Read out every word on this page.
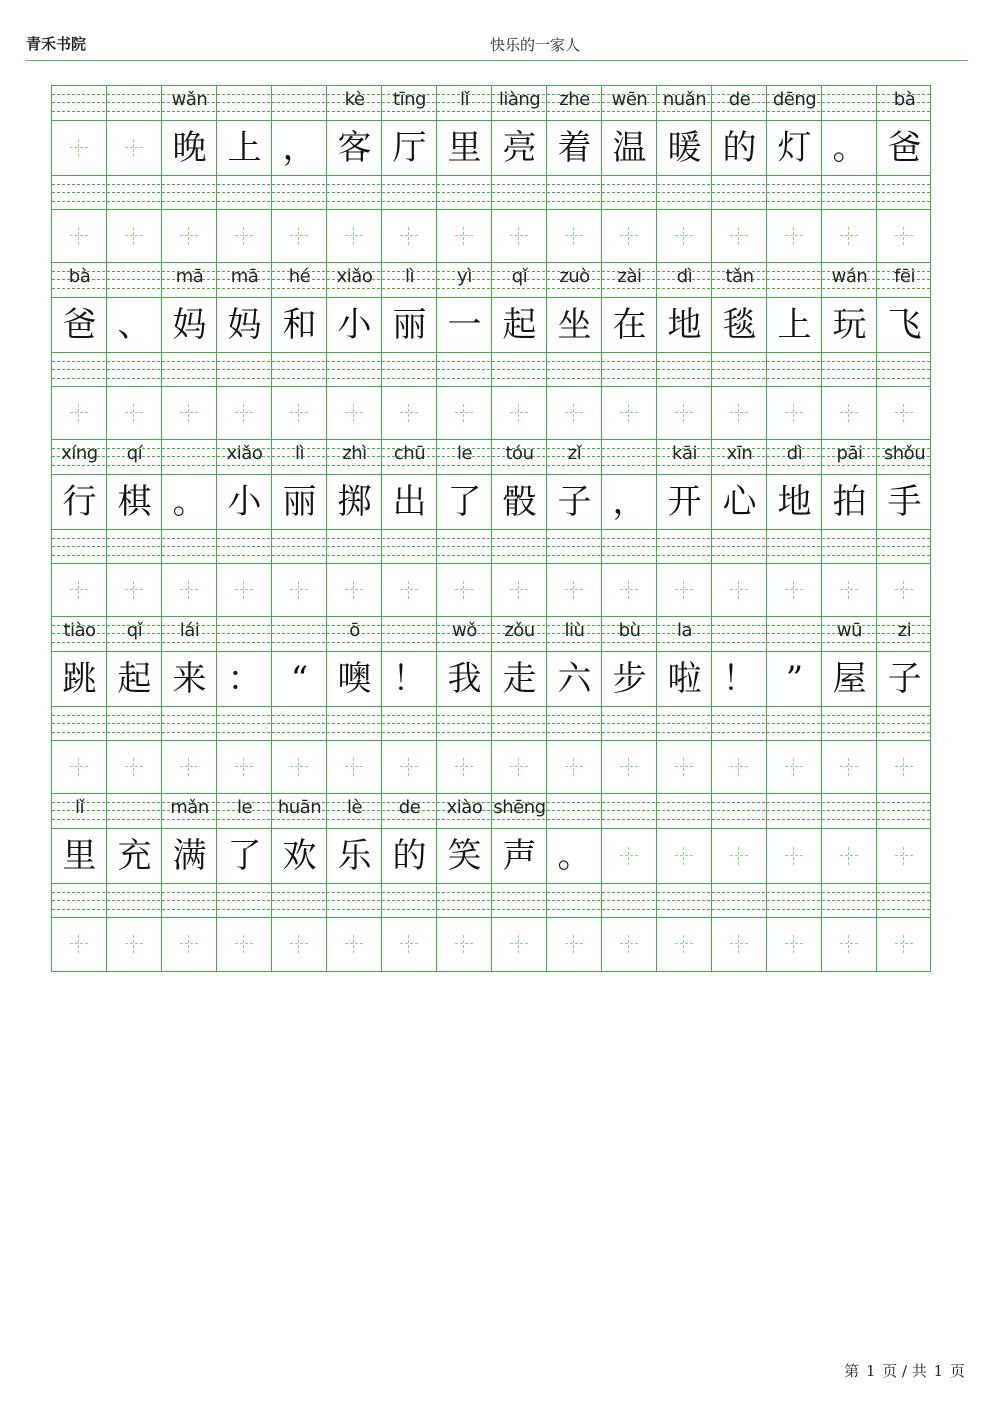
青禾书院	快乐的一家人
wǎn
晚 上 ，
kè
客
tīng
厅
lǐ
里
liàng
亮
zhe
着
wēn
温
nuǎn
暖
de
的
dēng
灯 。
bà
爸
bà
爸 、
mā
妈
mā
妈
hé
和
xiǎo
小
lì
丽
yì
一
qǐ
起
zuò
坐
zài
在
dì
地
tǎn
毯 上
wán
玩
fēi
飞
xíng
行
qí
棋 。
xiǎo
小
lì
丽
zhì
掷
chū
出
le
了
tóu
骰
zǐ
子 ，
kāi
开
xīn
心
dì
地
pāi
拍
shǒu
手
tiào
跳
qǐ
起
lái
来 ： “
ō
噢 ！
wǒ
我
zǒu
走
liù
六
bù
步
la
啦 ！ ”
wū
屋
zi
子
lǐ
里 充
mǎn
满
le
了
huān
欢
lè
乐
de
的
xiào
笑
shēng
声 。
第 1 页 / 共 1 页
